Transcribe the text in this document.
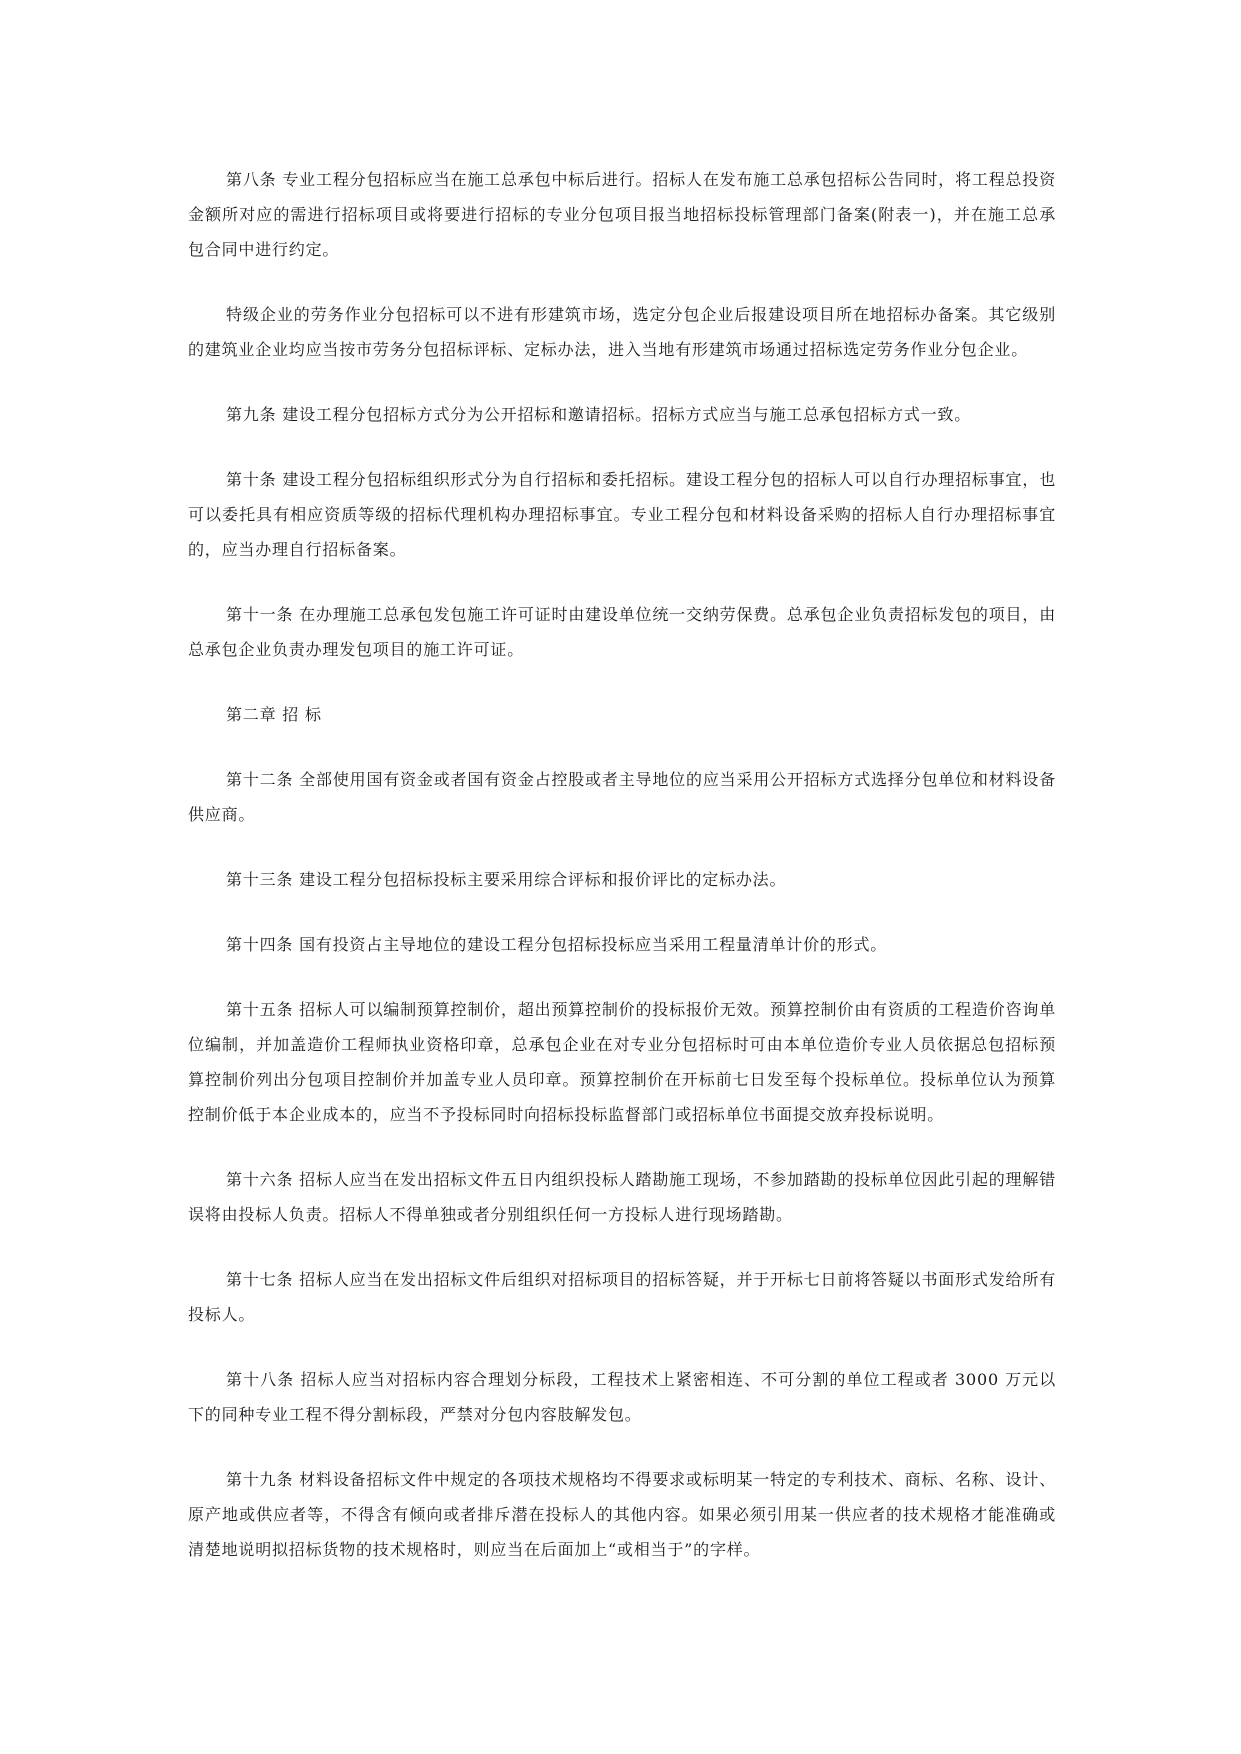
第八条 专业工程分包招标应当在施工总承包中标后进行。招标人在发布施工总承包招标公告同时，将工程总投资金额所对应的需进行招标项目或将要进行招标的专业分包项目报当地招标投标管理部门备案(附表一)，并在施工总承包合同中进行约定。

特级企业的劳务作业分包招标可以不进有形建筑市场，选定分包企业后报建设项目所在地招标办备案。其它级别的建筑业企业均应当按市劳务分包招标评标、定标办法，进入当地有形建筑市场通过招标选定劳务作业分包企业。

第九条 建设工程分包招标方式分为公开招标和邀请招标。招标方式应当与施工总承包招标方式一致。

第十条 建设工程分包招标组织形式分为自行招标和委托招标。建设工程分包的招标人可以自行办理招标事宜，也可以委托具有相应资质等级的招标代理机构办理招标事宜。专业工程分包和材料设备采购的招标人自行办理招标事宜的，应当办理自行招标备案。

第十一条 在办理施工总承包发包施工许可证时由建设单位统一交纳劳保费。总承包企业负责招标发包的项目，由总承包企业负责办理发包项目的施工许可证。

第二章 招 标

第十二条 全部使用国有资金或者国有资金占控股或者主导地位的应当采用公开招标方式选择分包单位和材料设备供应商。

第十三条 建设工程分包招标投标主要采用综合评标和报价评比的定标办法。

第十四条 国有投资占主导地位的建设工程分包招标投标应当采用工程量清单计价的形式。

第十五条 招标人可以编制预算控制价，超出预算控制价的投标报价无效。预算控制价由有资质的工程造价咨询单位编制，并加盖造价工程师执业资格印章，总承包企业在对专业分包招标时可由本单位造价专业人员依据总包招标预算控制价列出分包项目控制价并加盖专业人员印章。预算控制价在开标前七日发至每个投标单位。投标单位认为预算控制价低于本企业成本的，应当不予投标同时向招标投标监督部门或招标单位书面提交放弃投标说明。

第十六条 招标人应当在发出招标文件五日内组织投标人踏勘施工现场，不参加踏勘的投标单位因此引起的理解错误将由投标人负责。招标人不得单独或者分别组织任何一方投标人进行现场踏勘。

第十七条 招标人应当在发出招标文件后组织对招标项目的招标答疑，并于开标七日前将答疑以书面形式发给所有投标人。

第十八条 招标人应当对招标内容合理划分标段，工程技术上紧密相连、不可分割的单位工程或者 3000 万元以下的同种专业工程不得分割标段，严禁对分包内容肢解发包。

第十九条 材料设备招标文件中规定的各项技术规格均不得要求或标明某一特定的专利技术、商标、名称、设计、原产地或供应者等，不得含有倾向或者排斥潜在投标人的其他内容。如果必须引用某一供应者的技术规格才能准确或清楚地说明拟招标货物的技术规格时，则应当在后面加上“或相当于”的字样。
